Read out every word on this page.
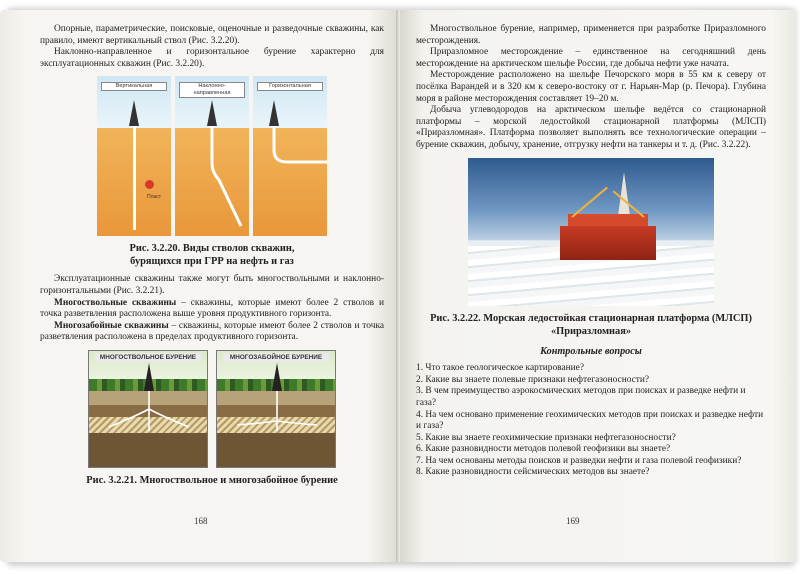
Опорные, параметрические, поисковые, оценочные и разведочные скважины, как правило, имеют вертикальный ствол (Рис. 3.2.20).

Наклонно-направленное и горизонтальное бурение характерно для эксплуатационных скважин (Рис. 3.2.20).

Вертикальная
Пласт
Наклонно-направленная
Горизонтальная
Рис. 3.2.20. Виды стволов скважин,
бурящихся при ГРР на нефть и газ

Эксплуатационные скважины также могут быть многоствольными и наклонно-горизонтальными (Рис. 3.2.21).

Многоствольные скважины – скважины, которые имеют более 2 стволов и точка разветвления расположена выше уровня продуктивного горизонта.

Многозабойные скважины – скважины, которые имеют более 2 стволов и точка разветвления расположена в пределах продуктивного горизонта.

МНОГОСТВОЛЬНОЕ БУРЕНИЕ	МНОГОЗАБОЙНОЕ БУРЕНИЕ
Рис. 3.2.21. Многоствольное и многозабойное бурение
168

Многоствольное бурение, например, применяется при разработке Приразломного месторождения.

Приразломное месторождение – единственное на сегодняшний день месторождение на арктическом шельфе России, где добыча нефти уже начата.

Месторождение расположено на шельфе Печорского моря в 55 км к северу от посёлка Варандей и в 320 км к северо-востоку от г. Нарьян-Мар (р. Печора). Глубина моря в районе месторождения составляет 19–20 м.

Добыча углеводородов на арктическом шельфе ведётся со стационарной платформы – морской ледостойкой стационарной платформы (МЛСП) «Приразломная». Платформа позволяет выполнять все технологические операции – бурение скважин, добычу, хранение, отгрузку нефти на танкеры и т. д. (Рис. 3.2.22).

Рис. 3.2.22. Морская ледостойкая стационарная платформа (МЛСП)
«Приразломная»
Контрольные вопросы

1. Что такое геологическое картирование?

2. Какие вы знаете полевые признаки нефтегазоносности?

3. В чем преимущество аэрокосмических методов при поисках и разведке нефти и газа?

4. На чем основано применение геохимических методов при поисках и разведке нефти и газа?

5. Какие вы знаете геохимические признаки нефтегазоносности?

6. Какие разновидности методов полевой геофизики вы знаете?

7. На чем основаны методы поисков и разведки нефти и газа полевой геофизики?

8. Какие разновидности сейсмических методов вы знаете?

169
